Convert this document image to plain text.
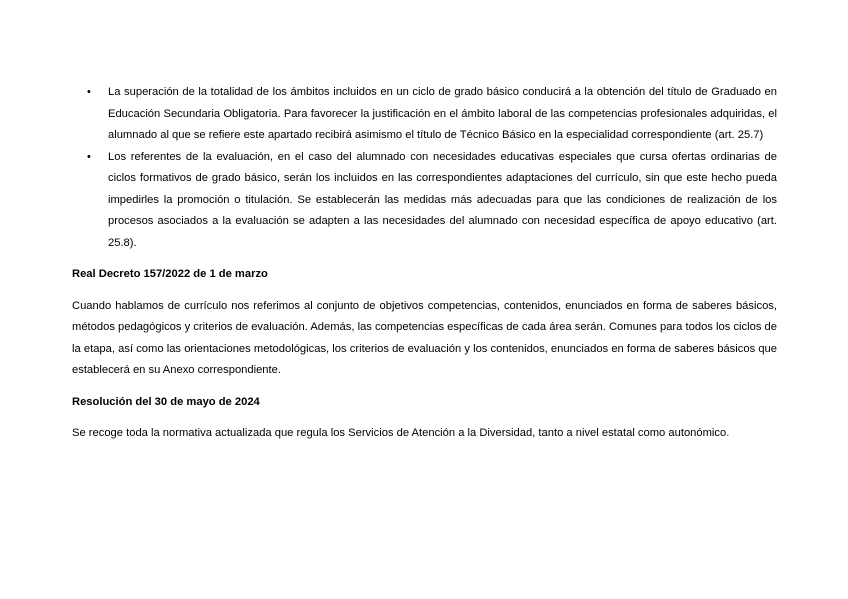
• La superación de la totalidad de los ámbitos incluidos en un ciclo de grado básico conducirá a la obtención del título de Graduado en Educación Secundaria Obligatoria. Para favorecer la justificación en el ámbito laboral de las competencias profesionales adquiridas, el alumnado al que se refiere este apartado recibirá asimismo el título de Técnico Básico en la especialidad correspondiente (art. 25.7)
• Los referentes de la evaluación, en el caso del alumnado con necesidades educativas especiales que cursa ofertas ordinarias de ciclos formativos de grado básico, serán los incluidos en las correspondientes adaptaciones del currículo, sin que este hecho pueda impedirles la promoción o titulación. Se establecerán las medidas más adecuadas para que las condiciones de realización de los procesos asociados a la evaluación se adapten a las necesidades del alumnado con necesidad específica de apoyo educativo (art. 25.8).

Real Decreto 157/2022 de 1 de marzo

Cuando hablamos de currículo nos referimos al conjunto de objetivos competencias, contenidos, enunciados en forma de saberes básicos, métodos pedagógicos y criterios de evaluación. Además, las competencias específicas de cada área serán. Comunes para todos los ciclos de la etapa, así como las orientaciones metodológicas, los criterios de evaluación y los contenidos, enunciados en forma de saberes básicos que establecerá en su Anexo correspondiente.

Resolución del 30 de mayo de 2024

Se recoge toda la normativa actualizada que regula los Servicios de Atención a la Diversidad, tanto a nivel estatal como autonómico.
